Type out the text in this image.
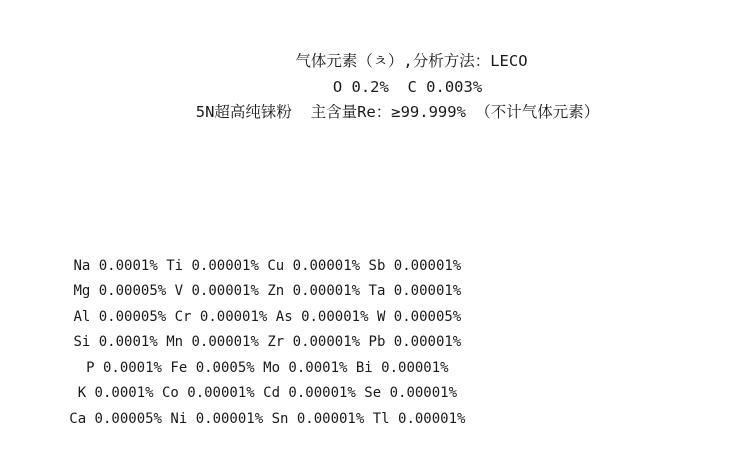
气体元素（ㅊ）,分析方法：LECO
O 0.2%  C 0.003%
5N超高纯铼粉  主含量Re：≥99.999% （不计气体元素）

Na 0.0001% Ti 0.00001% Cu 0.00001% Sb 0.00001%

Mg 0.00005% V 0.00001% Zn 0.00001% Ta 0.00001%

Al 0.00005% Cr 0.00001% As 0.00001% W 0.00005%

Si 0.0001% Mn 0.00001% Zr 0.00001% Pb 0.00001%

P 0.0001% Fe 0.0005% Mo 0.0001% Bi 0.00001%

K 0.0001% Co 0.00001% Cd 0.00001% Se 0.00001%

Ca 0.00005% Ni 0.00001% Sn 0.00001% Tl 0.00001%
